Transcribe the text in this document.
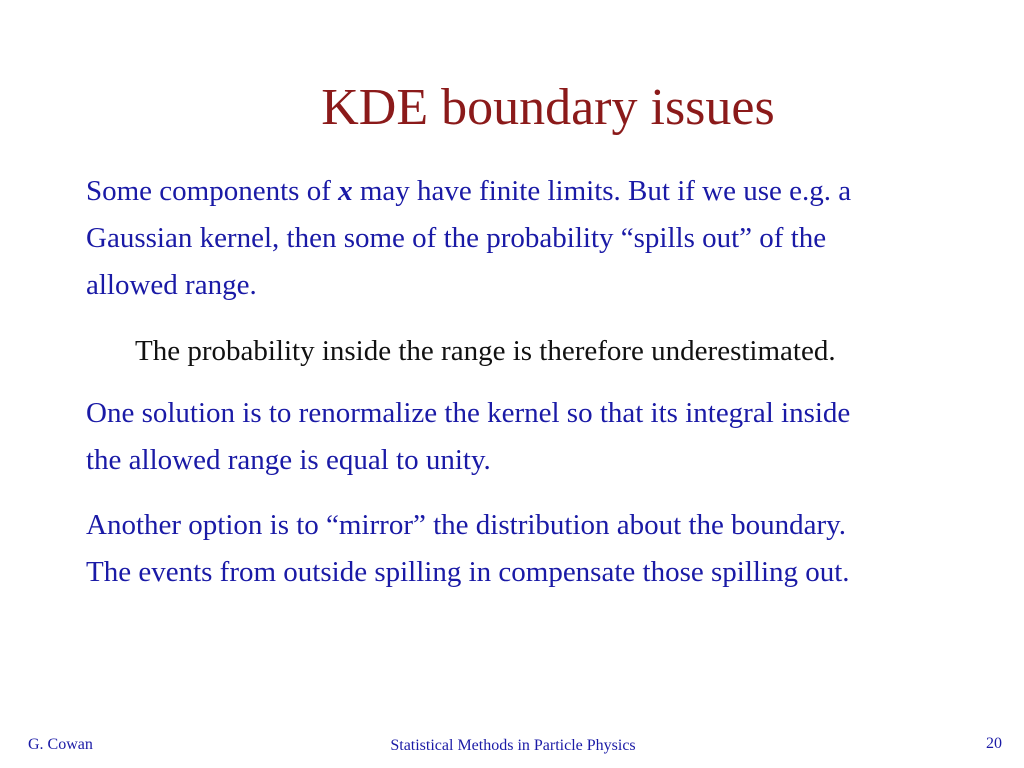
KDE boundary issues
Some components of x may have finite limits. But if we use e.g. a
Gaussian kernel, then some of the probability “spills out” of the
allowed range.
The probability inside the range is therefore underestimated.
One solution is to renormalize the kernel so that its integral inside
the allowed range is equal to unity.
Another option is to “mirror” the distribution about the boundary.
The events from outside spilling in compensate those spilling out.
G. Cowan	Statistical Methods in Particle Physics	20
